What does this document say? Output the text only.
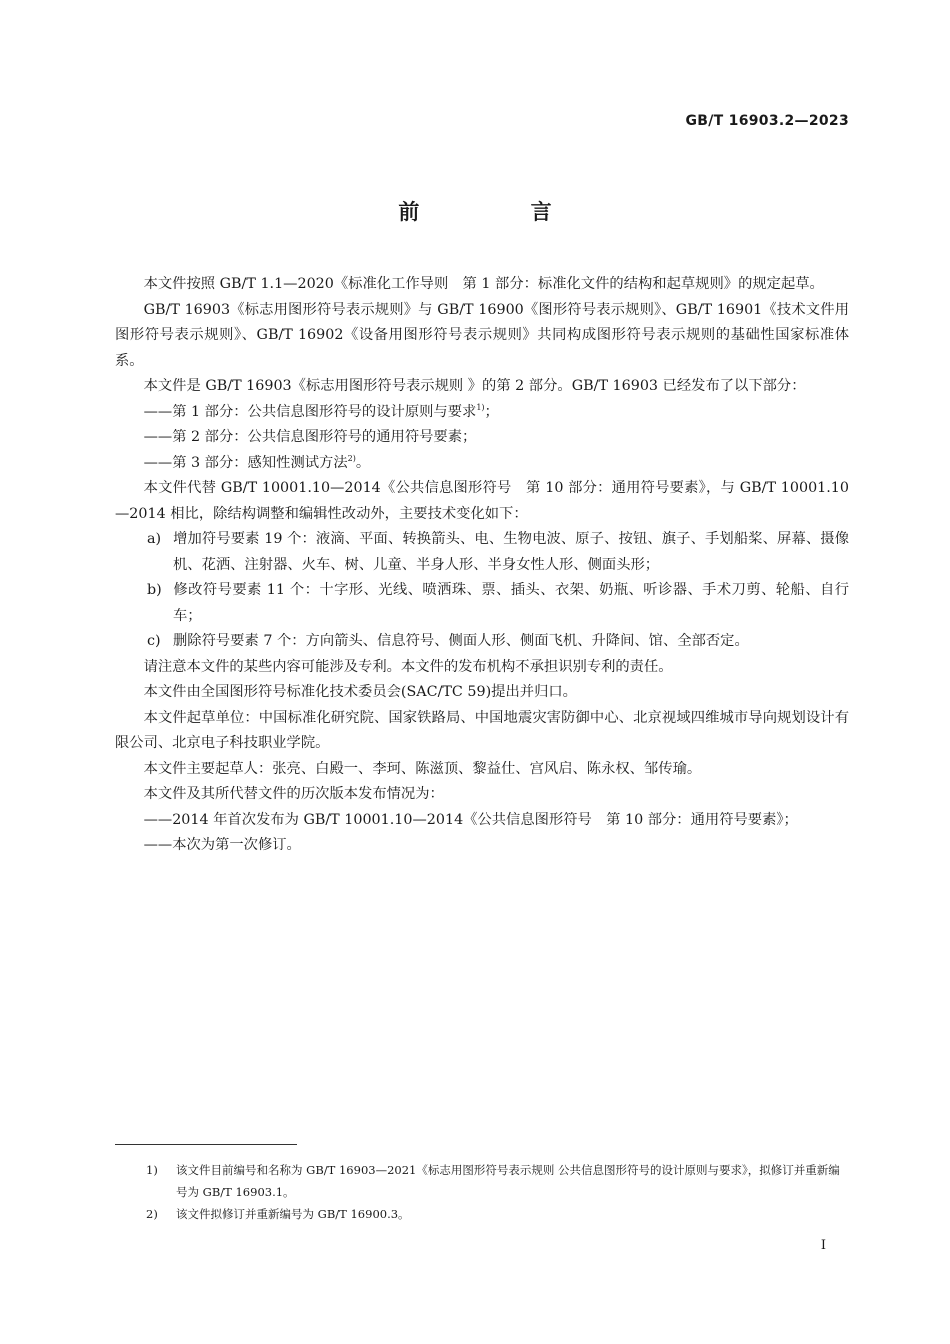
GB/T 16903.2—2023
前 言

本文件按照 GB/T 1.1—2020《标准化工作导则　第 1 部分：标准化文件的结构和起草规则》的规定起草。

GB/T 16903《标志用图形符号表示规则》与 GB/T 16900《图形符号表示规则》、GB/T 16901《技术文件用图形符号表示规则》、GB/T 16902《设备用图形符号表示规则》共同构成图形符号表示规则的基础性国家标准体系。

本文件是 GB/T 16903《标志用图形符号表示规则 》的第 2 部分。GB/T 16903 已经发布了以下部分：

——第 1 部分：公共信息图形符号的设计原则与要求$^{1)}$；

——第 2 部分：公共信息图形符号的通用符号要素；

——第 3 部分：感知性测试方法$^{2)}$。

本文件代替 GB/T 10001.10—2014《公共信息图形符号　第 10 部分：通用符号要素》，与 GB/T 10001.10—2014 相比，除结构调整和编辑性改动外，主要技术变化如下：

a) 增加符号要素 19 个：液滴、平面、转换箭头、电、生物电波、原子、按钮、旗子、手划船桨、屏幕、摄像机、花洒、注射器、火车、树、儿童、半身人形、半身女性人形、侧面头形；

b) 修改符号要素 11 个：十字形、光线、喷洒珠、票、插头、衣架、奶瓶、听诊器、手术刀剪、轮船、自行车；

c) 删除符号要素 7 个：方向箭头、信息符号、侧面人形、侧面飞机、升降间、馆、全部否定。

请注意本文件的某些内容可能涉及专利。本文件的发布机构不承担识别专利的责任。

本文件由全国图形符号标准化技术委员会(SAC/TC 59)提出并归口。

本文件起草单位：中国标准化研究院、国家铁路局、中国地震灾害防御中心、北京视域四维城市导向规划设计有限公司、北京电子科技职业学院。

本文件主要起草人：张亮、白殿一、李珂、陈滋顶、黎益仕、宫风启、陈永权、邹传瑜。

本文件及其所代替文件的历次版本发布情况为：

——2014 年首次发布为 GB/T 10001.10—2014《公共信息图形符号　第 10 部分：通用符号要素》；

——本次为第一次修订。

1) 该文件目前编号和名称为 GB/T 16903—2021《标志用图形符号表示规则 公共信息图形符号的设计原则与要求》，拟修订并重新编号为 GB/T 16903.1。

2) 该文件拟修订并重新编号为 GB/T 16900.3。

Ⅰ
